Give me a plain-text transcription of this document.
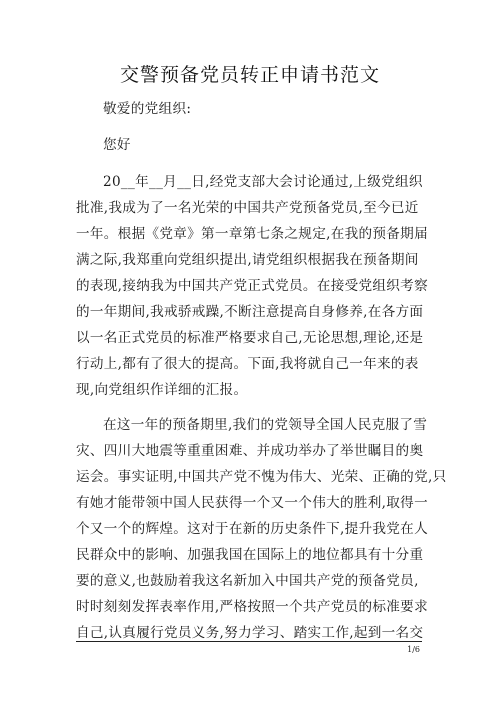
交警预备党员转正申请书范文
敬爱的党组织:
您好
20__年__月__日,经党支部大会讨论通过,上级党组织
批准,我成为了一名光荣的中国共产党预备党员,至今已近
一年。根据《党章》第一章第七条之规定,在我的预备期届
满之际,我郑重向党组织提出,请党组织根据我在预备期间
的表现,接纳我为中国共产党正式党员。在接受党组织考察
的一年期间,我戒骄戒躁,不断注意提高自身修养,在各方面
以一名正式党员的标准严格要求自己,无论思想,理论,还是
行动上,都有了很大的提高。下面,我将就自己一年来的表
现,向党组织作详细的汇报。
在这一年的预备期里,我们的党领导全国人民克服了雪
灾、四川大地震等重重困难、并成功举办了举世瞩目的奥
运会。事实证明,中国共产党不愧为伟大、光荣、正确的党,只
有她才能带领中国人民获得一个又一个伟大的胜利,取得一
个又一个的辉煌。这对于在新的历史条件下,提升我党在人
民群众中的影响、加强我国在国际上的地位都具有十分重
要的意义,也鼓励着我这名新加入中国共产党的预备党员,
时时刻刻发挥表率作用,严格按照一个共产党员的标准要求
自己,认真履行党员义务,努力学习、踏实工作,起到一名交
1/6
